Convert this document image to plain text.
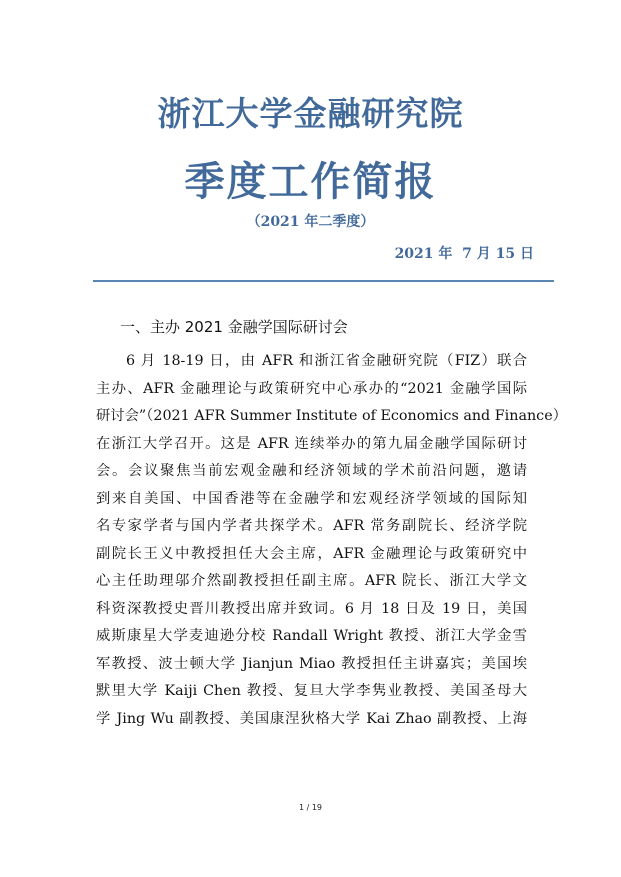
浙江大学金融研究院
季度工作简报
（2021 年二季度）
2021 年  7 月 15 日
一、主办 2021 金融学国际研讨会
6 月 18-19 日，由 AFR 和浙江省金融研究院（FIZ）联合
主办、AFR 金融理论与政策研究中心承办的“2021 金融学国际
研讨会”（2021 AFR Summer Institute of Economics and Finance）
在浙江大学召开。这是 AFR 连续举办的第九届金融学国际研讨
会。会议聚焦当前宏观金融和经济领域的学术前沿问题，邀请
到来自美国、中国香港等在金融学和宏观经济学领域的国际知
名专家学者与国内学者共探学术。AFR 常务副院长、经济学院
副院长王义中教授担任大会主席，AFR 金融理论与政策研究中
心主任助理邬介然副教授担任副主席。AFR 院长、浙江大学文
科资深教授史晋川教授出席并致词。6 月 18 日及 19 日，美国
威斯康星大学麦迪逊分校 Randall Wright 教授、浙江大学金雪
军教授、波士顿大学 Jianjun Miao 教授担任主讲嘉宾；美国埃
默里大学 Kaiji Chen 教授、复旦大学李隽业教授、美国圣母大
学 Jing Wu 副教授、美国康涅狄格大学 Kai Zhao 副教授、上海
1 / 19
